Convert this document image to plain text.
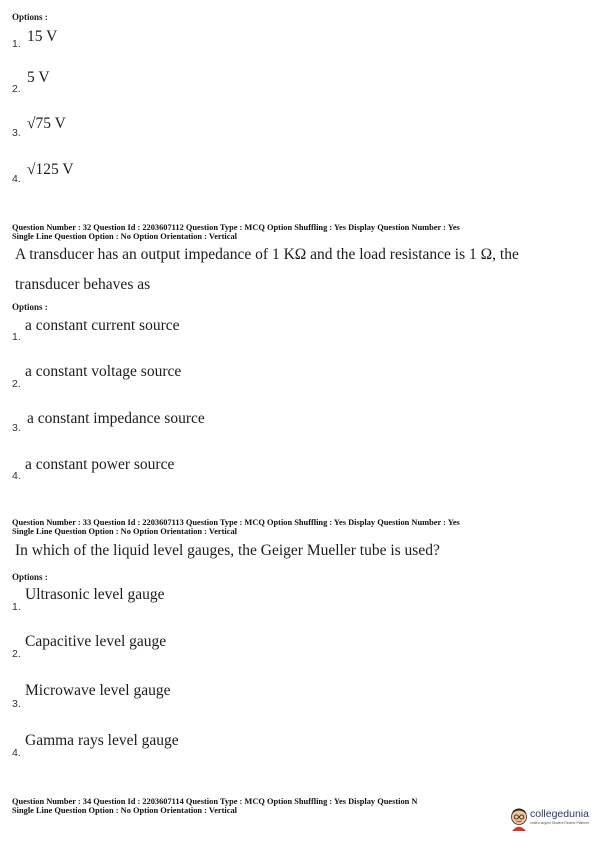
Options :
1. 15 V
2.
5 V
3.
√75 V
4.
√125 V
Question Number : 32 Question Id : 2203607112 Question Type : MCQ Option Shuffling : Yes Display Question Number : Yes
Single Line Question Option : No Option Orientation : Vertical
A transducer has an output impedance of 1 KΩ and the load resistance is 1 Ω, the
transducer behaves as
Options :
1.
a constant current source
2.
a constant voltage source
3.
a constant impedance source
4.
a constant power source
Question Number : 33 Question Id : 2203607113 Question Type : MCQ Option Shuffling : Yes Display Question Number : Yes
Single Line Question Option : No Option Orientation : Vertical
In which of the liquid level gauges, the Geiger Mueller tube is used?
Options :
1.
Ultrasonic level gauge
2.
Capacitive level gauge
3.
Microwave level gauge
4.
Gamma rays level gauge
Question Number : 34 Question Id : 2203607114 Question Type : MCQ Option Shuffling : Yes Display Question N
Single Line Question Option : No Option Orientation : Vertical	collegedunia
India's largest Student Review Platform
